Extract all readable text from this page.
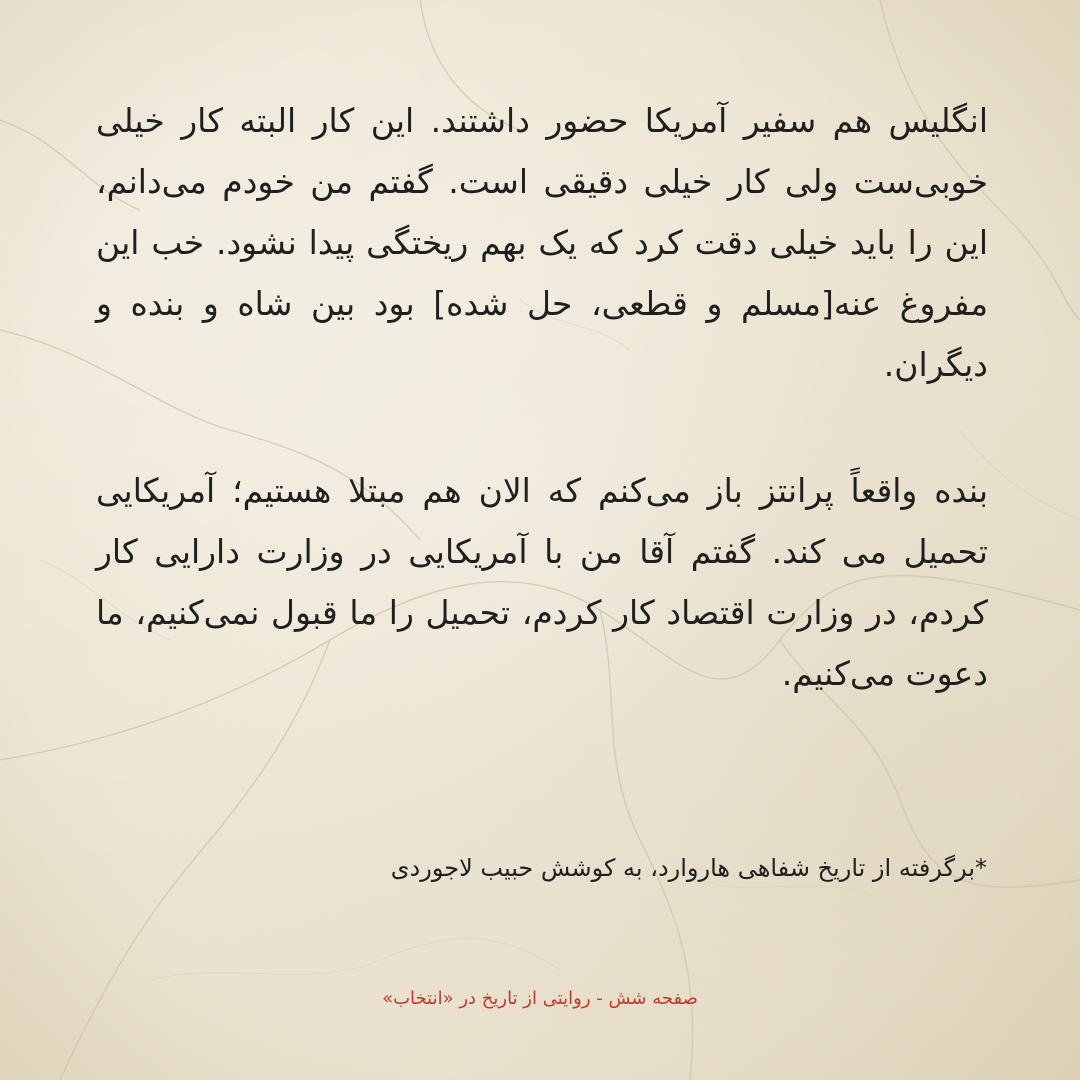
انگلیس هم سفیر آمریکا حضور داشتند. این کار البته کار خیلی خوبی‌ست ولی کار خیلی دقیقی است. گفتم من خودم می‌دانم، این را باید خیلی دقت کرد که یک بهم ریختگی پیدا نشود. خب این مفروغ عنه[مسلم و قطعی، حل شده] بود بین شاه و بنده و دیگران.

بنده واقعاً پرانتز باز می‌کنم که الان هم مبتلا هستیم؛ آمریکایی تحمیل می کند. گفتم آقا من با آمریکایی در وزارت دارایی کار کردم، در وزارت اقتصاد کار کردم، تحمیل را ما قبول نمی‌کنیم، ما دعوت می‌کنیم.

*برگرفته از تاریخ شفاهی هاروارد، به کوشش حبیب لاجوردی

صفحه شش - روایتی از تاریخ در «انتخاب»
